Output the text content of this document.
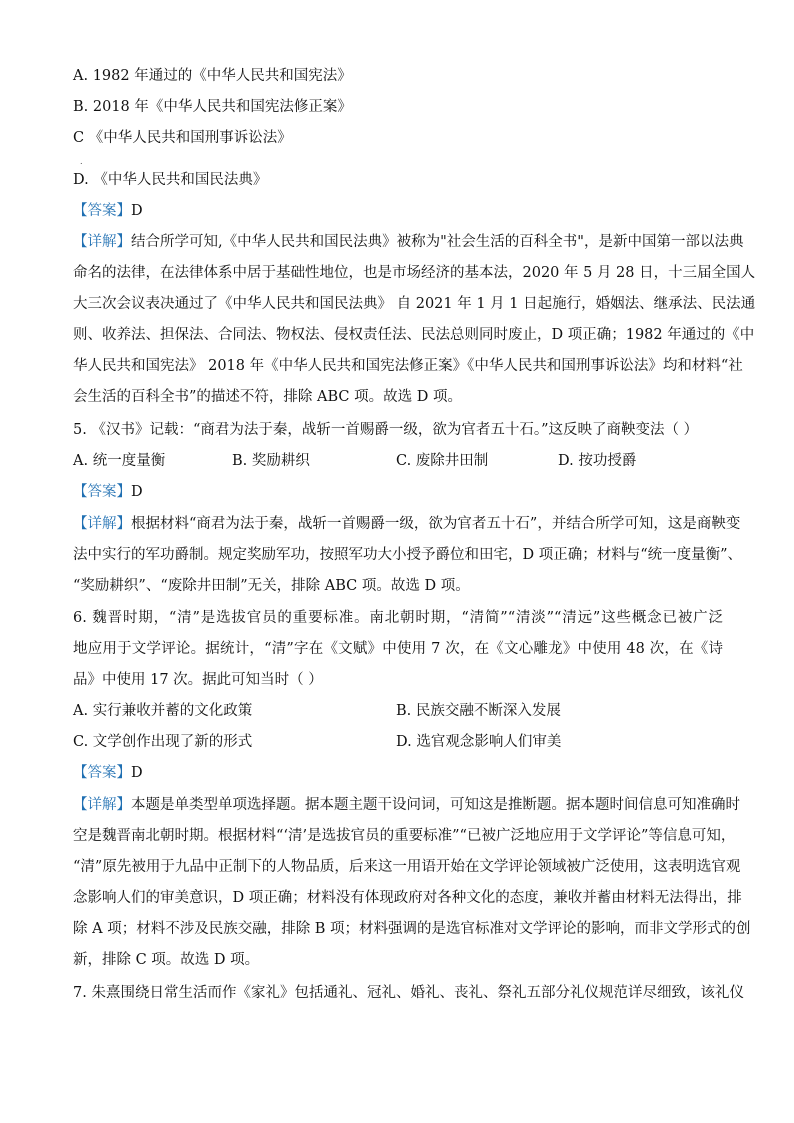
A. 1982 年通过的《中华人民共和国宪法》
B. 2018 年《中华人民共和国宪法修正案》
C 《中华人民共和国刑事诉讼法》
.
D. 《中华人民共和国民法典》
【答案】D
【详解】结合所学可知,《中华人民共和国民法典》被称为"社会生活的百科全书"，是新中国第一部以法典
命名的法律，在法律体系中居于基础性地位，也是市场经济的基本法，2020 年 5 月 28 日，十三届全国人
大三次会议表决通过了《中华人民共和国民法典》 自 2021 年 1 月 1 日起施行，婚姻法、继承法、民法通
则、收养法、担保法、合同法、物权法、侵权责任法、民法总则同时废止，D 项正确；1982 年通过的《中
华人民共和国宪法》 2018 年《中华人民共和国宪法修正案》《中华人民共和国刑事诉讼法》均和材料“社
会生活的百科全书”的描述不符，排除 ABC 项。故选 D 项。
5. 《汉书》记载：“商君为法于秦，战斩一首赐爵一级，欲为官者五十石。”这反映了商鞅变法（ ）
A. 统一度量衡	B. 奖励耕织	C. 废除井田制	D. 按功授爵
【答案】D
【详解】根据材料“商君为法于秦，战斩一首赐爵一级，欲为官者五十石”，并结合所学可知，这是商鞅变
法中实行的军功爵制。规定奖励军功，按照军功大小授予爵位和田宅，D 项正确；材料与“统一度量衡”、
“奖励耕织”、“废除井田制”无关，排除 ABC 项。故选 D 项。
6. 魏晋时期，“清”是选拔官员的重要标准。南北朝时期，“清简”“清淡”“清远”这些概念已被广泛
地应用于文学评论。据统计，“清”字在《文赋》中使用 7 次，在《文心雕龙》中使用 48 次，在《诗
品》中使用 17 次。据此可知当时（ ）
A. 实行兼收并蓄的文化政策	B. 民族交融不断深入发展
C. 文学创作出现了新的形式	D. 选官观念影响人们审美
【答案】D
【详解】本题是单类型单项选择题。据本题主题干设问词，可知这是推断题。据本题时间信息可知准确时
空是魏晋南北朝时期。根据材料“‘清’是选拔官员的重要标准”“已被广泛地应用于文学评论”等信息可知，
“清”原先被用于九品中正制下的人物品质，后来这一用语开始在文学评论领域被广泛使用，这表明选官观
念影响人们的审美意识，D 项正确；材料没有体现政府对各种文化的态度，兼收并蓄由材料无法得出，排
除 A 项；材料不涉及民族交融，排除 B 项；材料强调的是选官标准对文学评论的影响，而非文学形式的创
新，排除 C 项。故选 D 项。
7. 朱熹围绕日常生活而作《家礼》包括通礼、冠礼、婚礼、丧礼、祭礼五部分礼仪规范详尽细致，该礼仪
